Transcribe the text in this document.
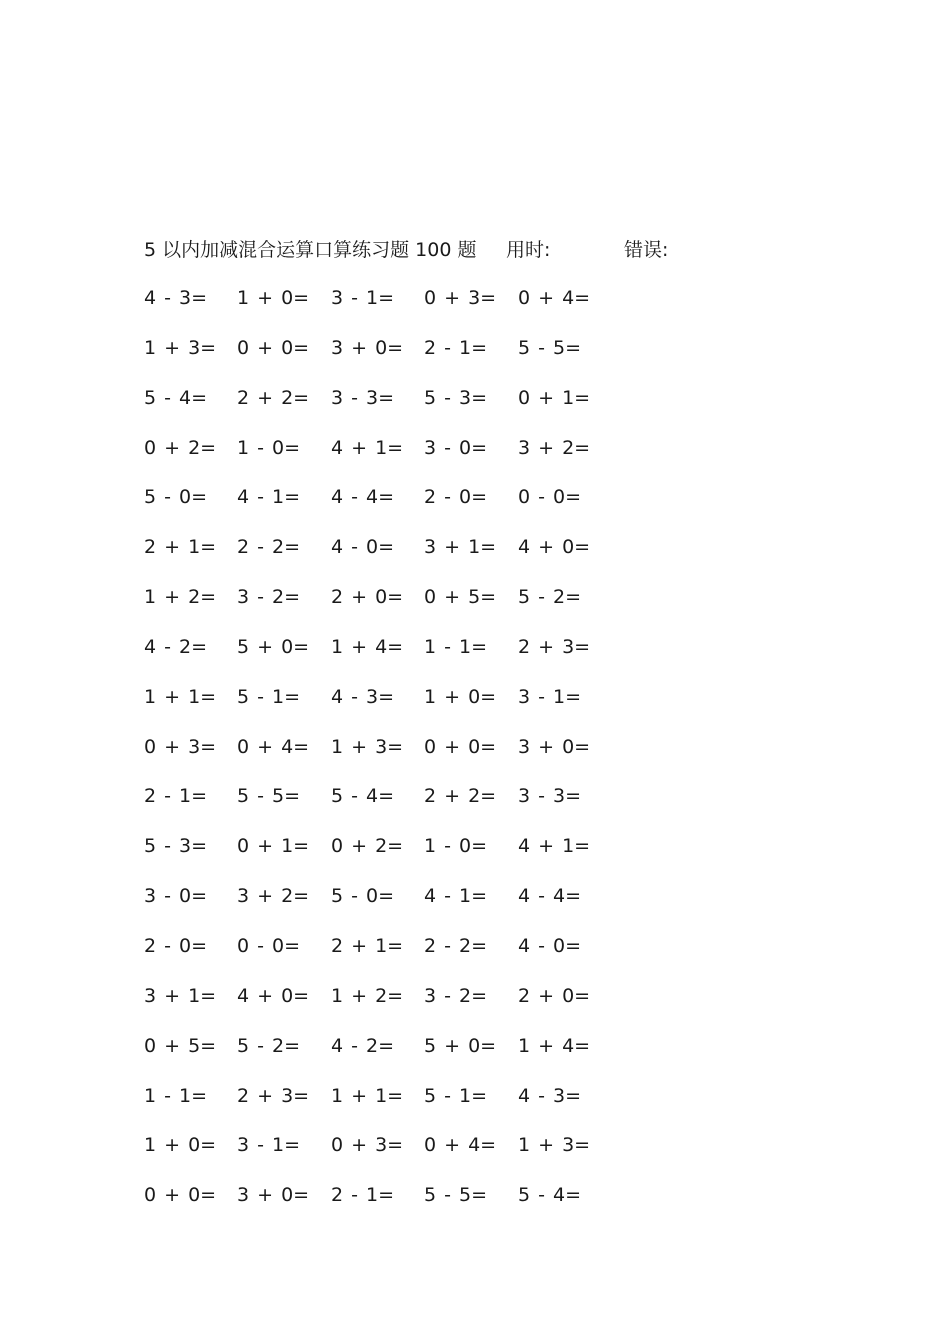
5 以内加减混合运算口算练习题 100 题 用时:	错误:
4 - 3= 1 + 0= 3 - 1= 0 + 3= 0 + 4=
1 + 3= 0 + 0= 3 + 0= 2 - 1= 5 - 5=
5 - 4= 2 + 2= 3 - 3= 5 - 3= 0 + 1=
0 + 2= 1 - 0= 4 + 1= 3 - 0= 3 + 2=
5 - 0= 4 - 1= 4 - 4= 2 - 0= 0 - 0=
2 + 1= 2 - 2= 4 - 0= 3 + 1= 4 + 0=
1 + 2= 3 - 2= 2 + 0= 0 + 5= 5 - 2=
4 - 2= 5 + 0= 1 + 4= 1 - 1= 2 + 3=
1 + 1= 5 - 1= 4 - 3= 1 + 0= 3 - 1=
0 + 3= 0 + 4= 1 + 3= 0 + 0= 3 + 0=
2 - 1= 5 - 5= 5 - 4= 2 + 2= 3 - 3=
5 - 3= 0 + 1= 0 + 2= 1 - 0= 4 + 1=
3 - 0= 3 + 2= 5 - 0= 4 - 1= 4 - 4=
2 - 0= 0 - 0= 2 + 1= 2 - 2= 4 - 0=
3 + 1= 4 + 0= 1 + 2= 3 - 2= 2 + 0=
0 + 5= 5 - 2= 4 - 2= 5 + 0= 1 + 4=
1 - 1= 2 + 3= 1 + 1= 5 - 1= 4 - 3=
1 + 0= 3 - 1= 0 + 3= 0 + 4= 1 + 3=
0 + 0= 3 + 0= 2 - 1= 5 - 5= 5 - 4=
